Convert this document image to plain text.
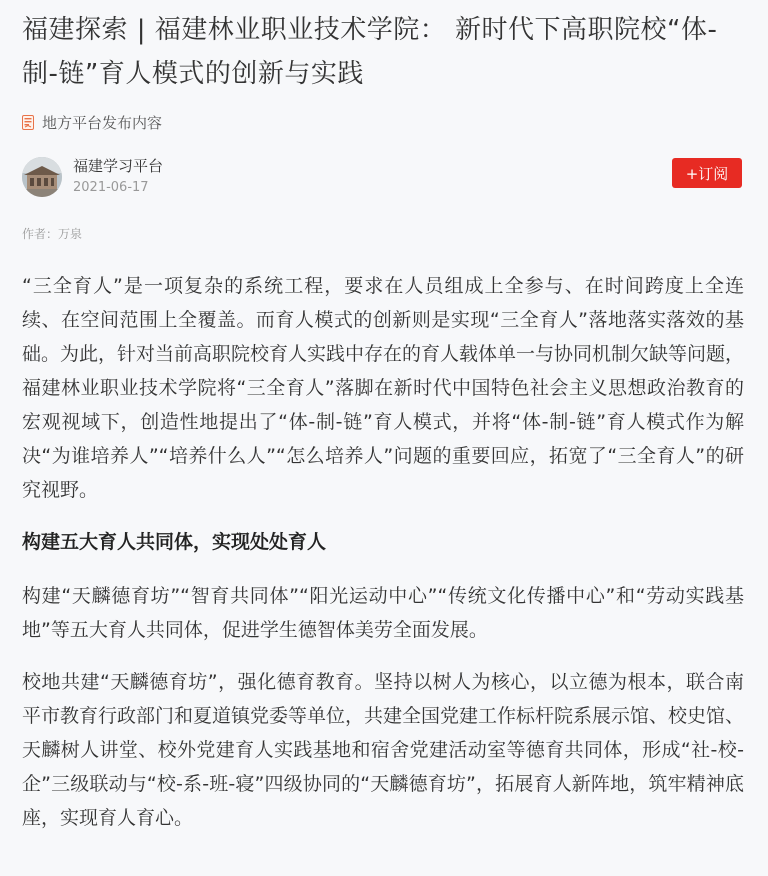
福建探索 | 福建林业职业技术学院： 新时代下高职院校“体-制-链”育人模式的创新与实践
地方平台发布内容
福建学习平台
2021-06-17
+订阅
作者：万泉

“三全育人”是一项复杂的系统工程，要求在人员组成上全参与、在时间跨度上全连续、在空间范围上全覆盖。而育人模式的创新则是实现“三全育人”落地落实落效的基础。为此，针对当前高职院校育人实践中存在的育人载体单一与协同机制欠缺等问题，福建林业职业技术学院将“三全育人”落脚在新时代中国特色社会主义思想政治教育的宏观视域下，创造性地提出了“体-制-链”育人模式，并将“体-制-链”育人模式作为解决“为谁培养人”“培养什么人”“怎么培养人”问题的重要回应，拓宽了“三全育人”的研究视野。

构建五大育人共同体，实现处处育人

构建“天麟德育坊”“智育共同体”“阳光运动中心”“传统文化传播中心”和“劳动实践基地”等五大育人共同体，促进学生德智体美劳全面发展。

校地共建“天麟德育坊”，强化德育教育。坚持以树人为核心，以立德为根本，联合南平市教育行政部门和夏道镇党委等单位，共建全国党建工作标杆院系展示馆、校史馆、天麟树人讲堂、校外党建育人实践基地和宿舍党建活动室等德育共同体，形成“社-校-企”三级联动与“校-系-班-寝”四级协同的“天麟德育坊”，拓展育人新阵地，筑牢精神底座，实现育人育心。
